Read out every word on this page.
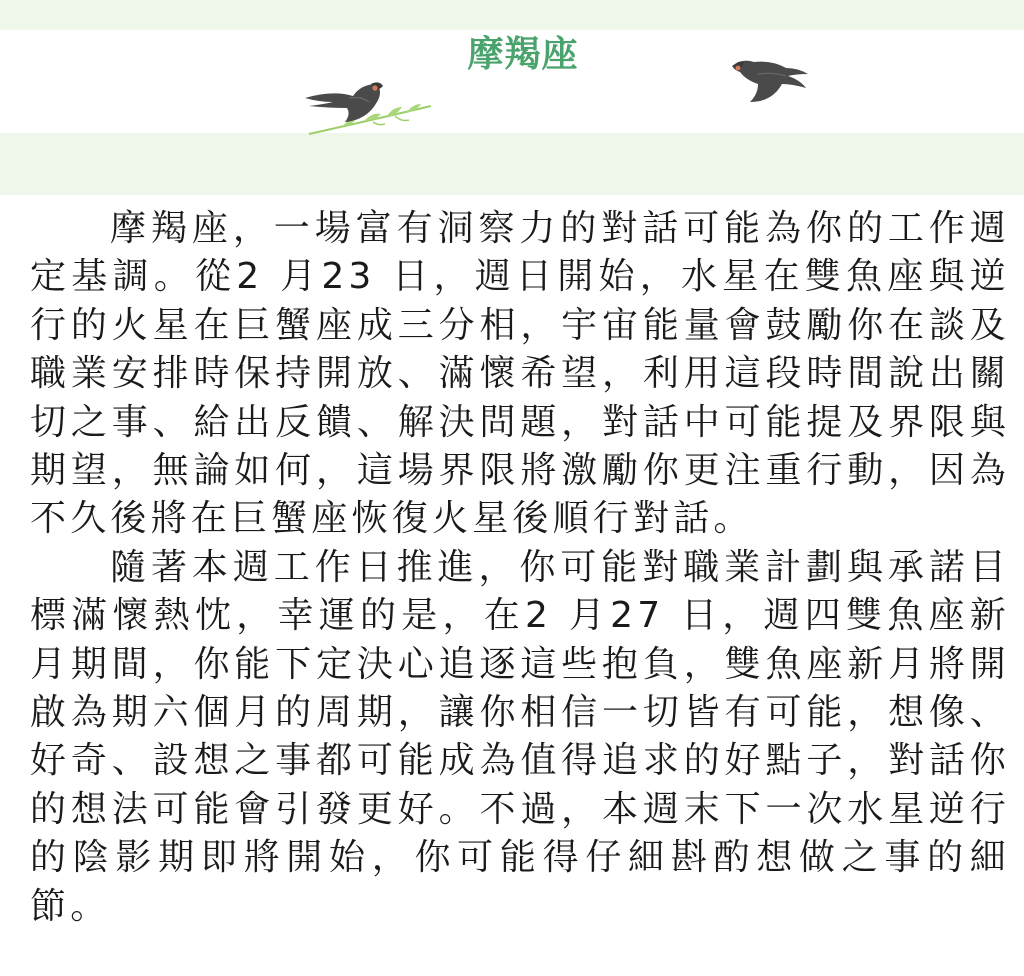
摩羯座

摩羯座，一場富有洞察力的對話可能為你的工作週定基調。從2 月23 日，週日開始，水星在雙魚座與逆行的火星在巨蟹座成三分相，宇宙能量會鼓勵你在談及職業安排時保持開放、滿懷希望，利用這段時間說出關切之事、給出反饋、解決問題，對話中可能提及界限與期望，無論如何，這場界限將激勵你更注重行動，因為不久後將在巨蟹座恢復火星後順行對話。

隨著本週工作日推進，你可能對職業計劃與承諾目標滿懷熱忱，幸運的是，在2 月27 日，週四雙魚座新月期間，你能下定決心追逐這些抱負，雙魚座新月將開啟為期六個月的周期，讓你相信一切皆有可能，想像、好奇、設想之事都可能成為值得追求的好點子，對話你的想法可能會引發更好。不過，本週末下一次水星逆行的陰影期即將開始，你可能得仔細斟酌想做之事的細節。
